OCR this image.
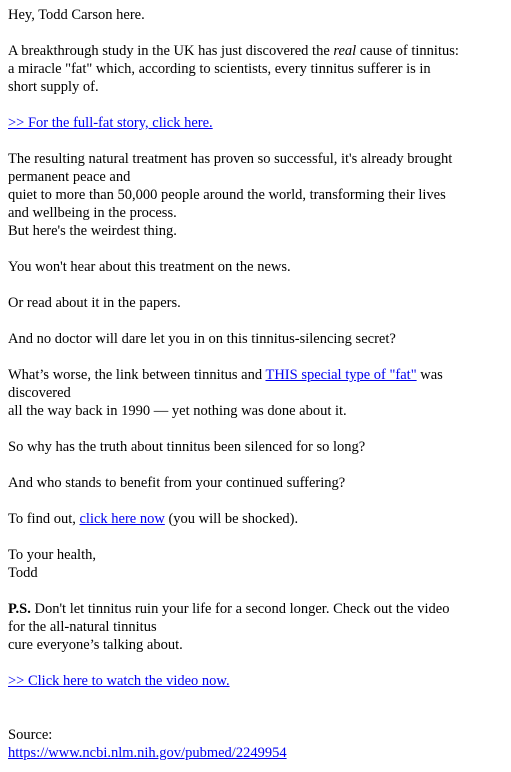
Hey, Todd Carson here.
A breakthrough study in the UK has just discovered the real cause of tinnitus:
a miracle "fat" which, according to scientists, every tinnitus sufferer is in
short supply of.
>> For the full-fat story, click here.
The resulting natural treatment has proven so successful, it's already brought
permanent peace and
quiet to more than 50,000 people around the world, transforming their lives
and wellbeing in the process.
But here's the weirdest thing.
You won't hear about this treatment on the news.
Or read about it in the papers.
And no doctor will dare let you in on this tinnitus-silencing secret?
What’s worse, the link between tinnitus and THIS special type of "fat" was
discovered
all the way back in 1990 — yet nothing was done about it.
So why has the truth about tinnitus been silenced for so long?
And who stands to benefit from your continued suffering?
To find out, click here now (you will be shocked).
To your health,
Todd
P.S. Don't let tinnitus ruin your life for a second longer. Check out the video
for the all-natural tinnitus
cure everyone’s talking about.
>> Click here to watch the video now.
Source:
https://www.ncbi.nlm.nih.gov/pubmed/2249954
